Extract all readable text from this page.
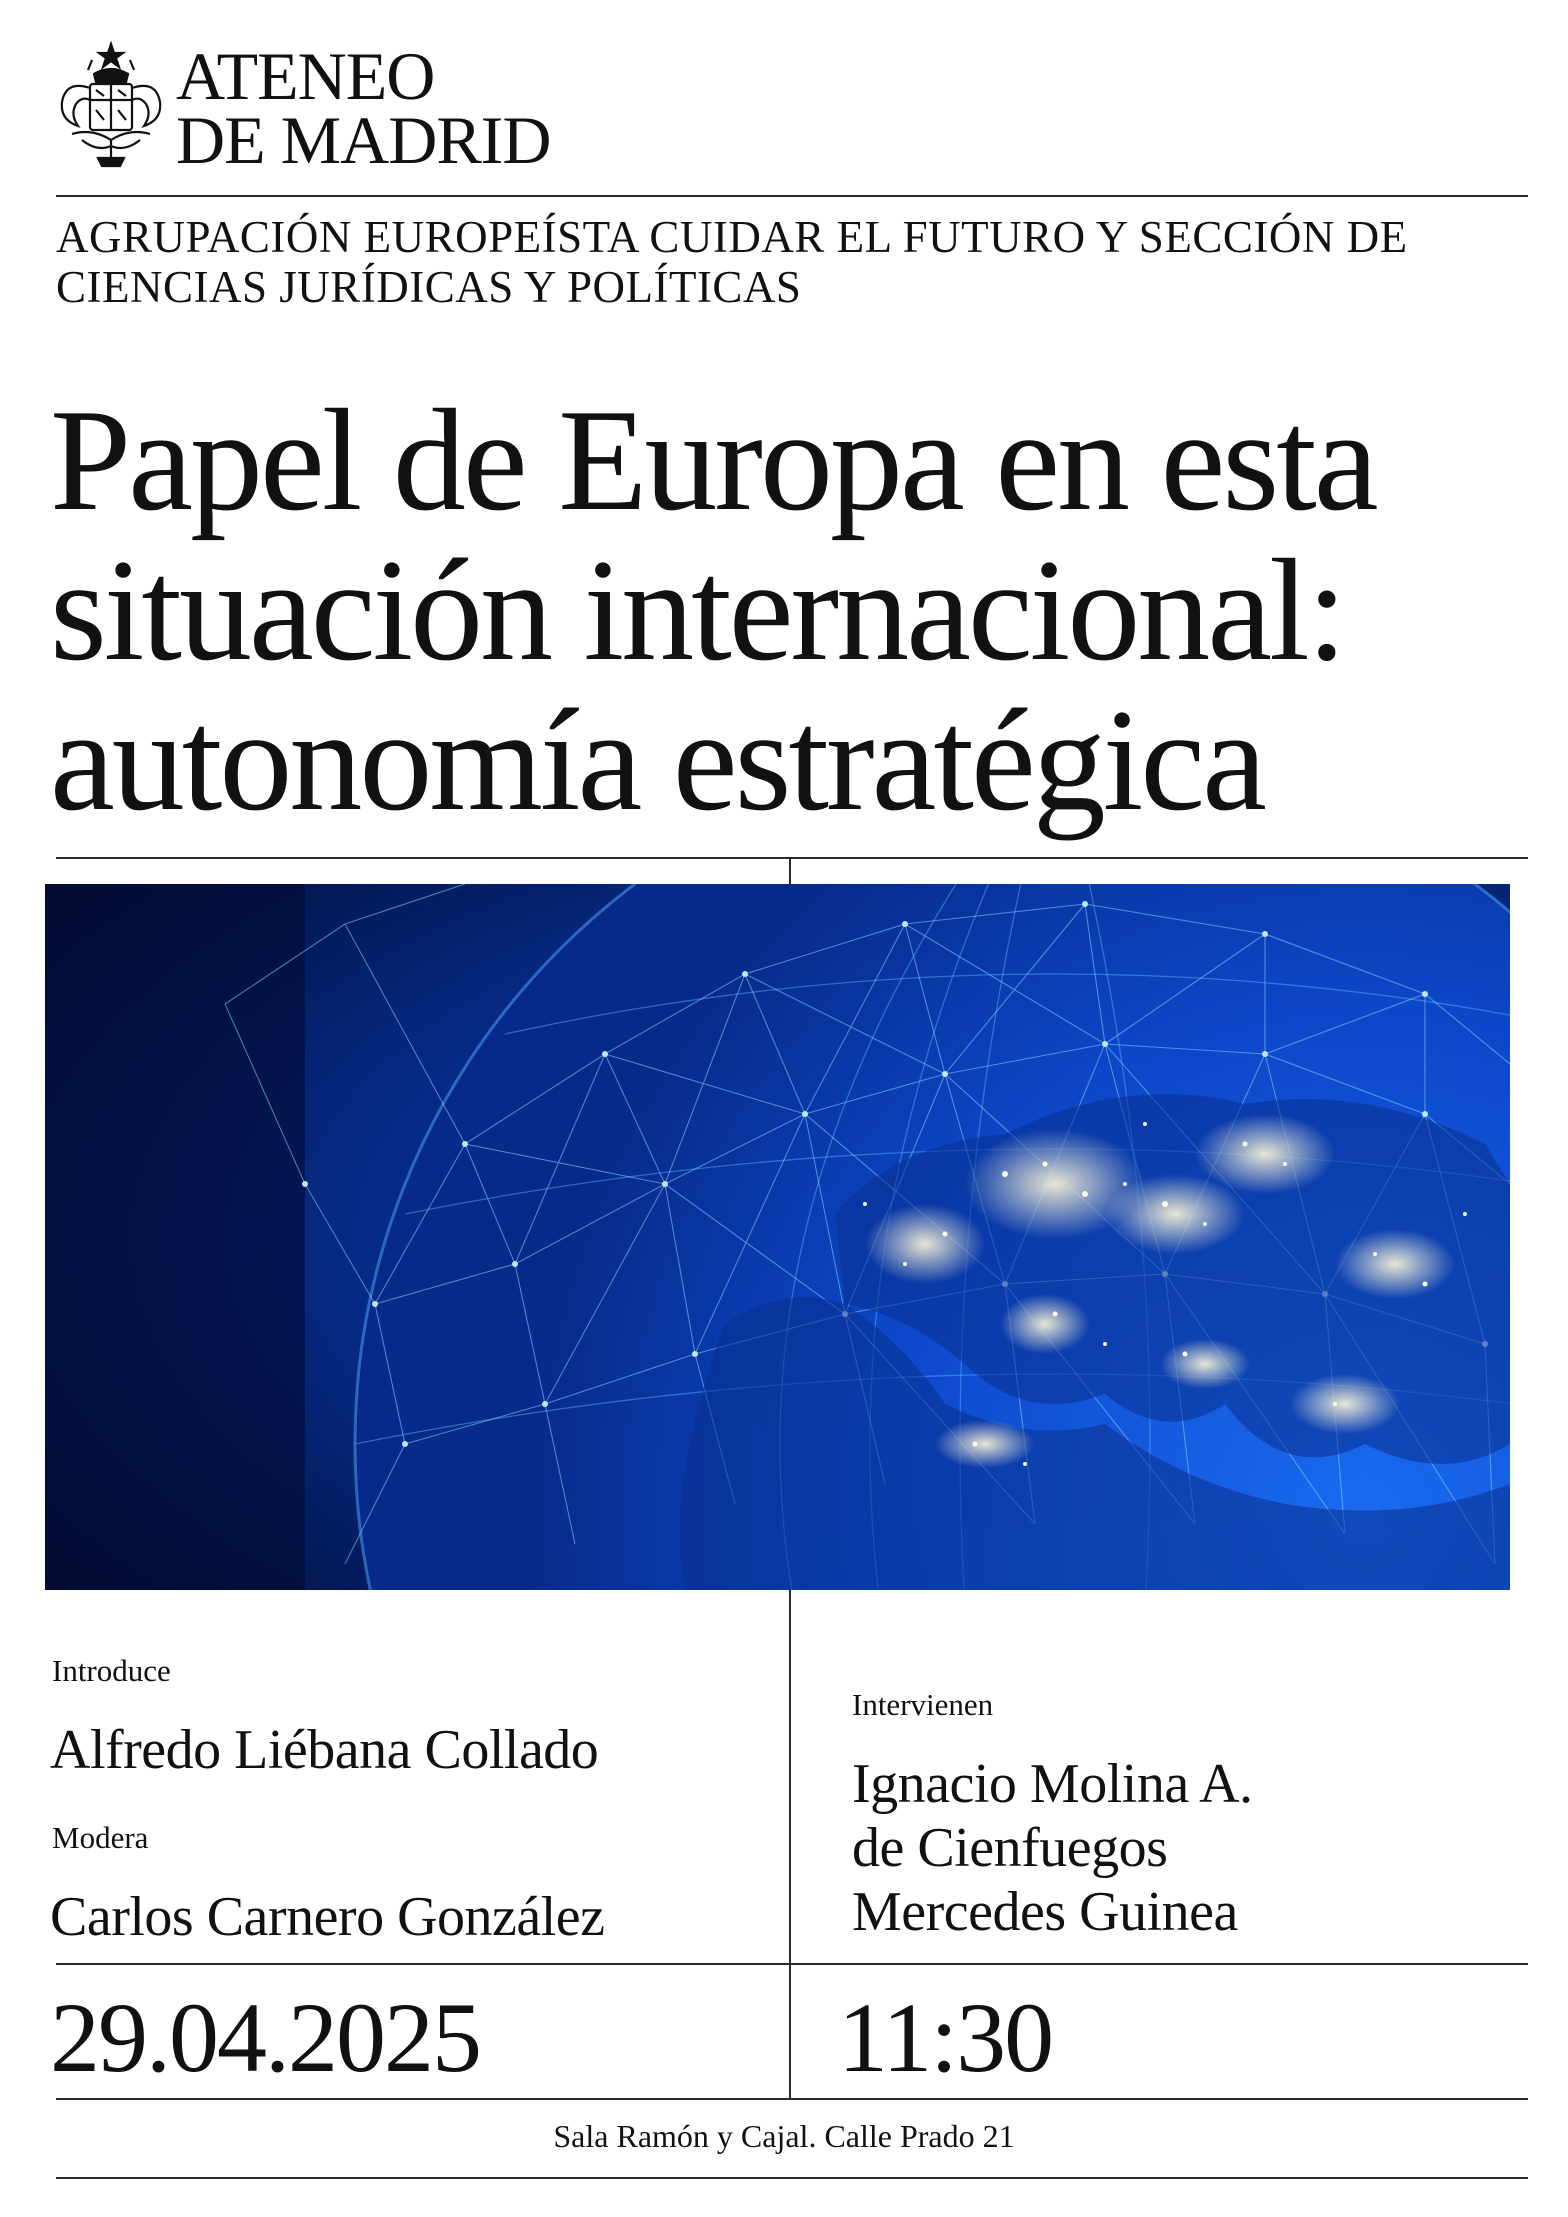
ATENEO
DE MADRID
AGRUPACIÓN EUROPEÍSTA CUIDAR EL FUTURO Y SECCIÓN DE CIENCIAS JURÍDICAS Y POLÍTICAS
Papel de Europa en esta
situación internacional:
autonomía estratégica
Introduce
Alfredo Liébana Collado
Modera
Carlos Carnero González
Intervienen
Ignacio Molina A.
de Cienfuegos
Mercedes Guinea
29.04.2025	11:30
Sala Ramón y Cajal. Calle Prado 21
